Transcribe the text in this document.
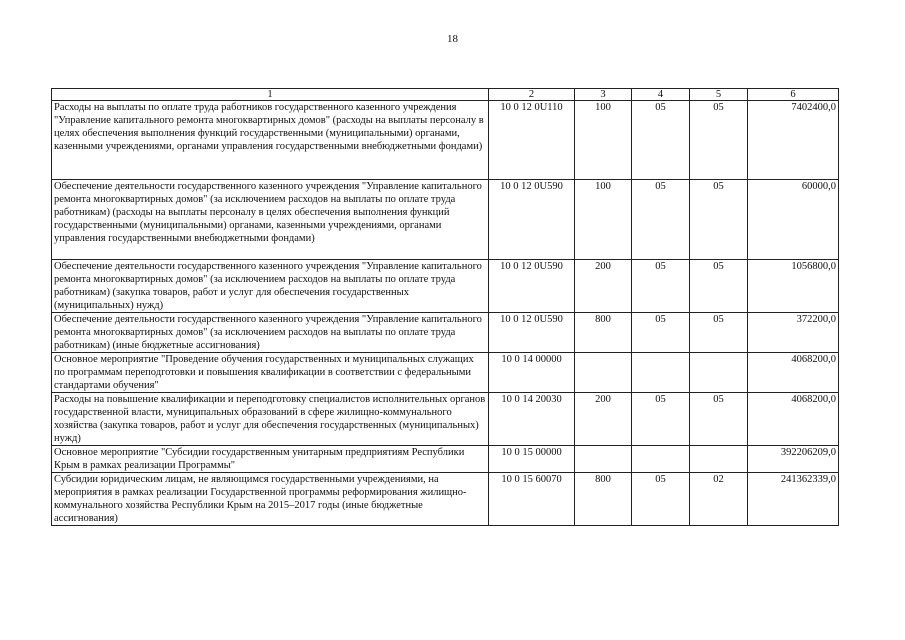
18
1	2	3	4	5	6
Расходы на выплаты по оплате труда работников государственного казенного учреждения "Управление капитального ремонта многоквартирных домов" (расходы на выплаты персоналу в целях обеспечения выполнения функций государственными (муниципальными) органами, казенными учреждениями, органами управления государственными внебюджетными фондами)	10 0 12 0U110	100	05	05	7402400,0
Обеспечение деятельности государственного казенного учреждения "Управление капитального ремонта многоквартирных домов" (за исключением расходов на выплаты по оплате труда работникам) (расходы на выплаты персоналу в целях обеспечения выполнения функций государственными (муниципальными) органами, казенными учреждениями, органами управления государственными внебюджетными фондами)	10 0 12 0U590	100	05	05	60000,0
Обеспечение деятельности государственного казенного учреждения "Управление капитального ремонта многоквартирных домов" (за исключением расходов на выплаты по оплате труда работникам) (закупка товаров, работ и услуг для обеспечения государственных (муниципальных) нужд)	10 0 12 0U590	200	05	05	1056800,0
Обеспечение деятельности государственного казенного учреждения "Управление капитального ремонта многоквартирных домов" (за исключением расходов на выплаты по оплате труда работникам) (иные бюджетные ассигнования)	10 0 12 0U590	800	05	05	372200,0
Основное мероприятие "Проведение обучения государственных и муниципальных служащих по программам переподготовки и повышения квалификации в соответствии с федеральными стандартами обучения"	10 0 14 00000				4068200,0
Расходы на повышение квалификации и переподготовку специалистов исполнительных органов государственной власти, муниципальных образований в сфере жилищно-коммунального хозяйства (закупка товаров, работ и услуг для обеспечения государственных (муниципальных) нужд)	10 0 14 20030	200	05	05	4068200,0
Основное мероприятие "Субсидии государственным унитарным предприятиям Республики Крым в рамках реализации Программы"	10 0 15 00000				392206209,0
Субсидии юридическим лицам, не являющимся государственными учреждениями, на мероприятия в рамках реализации Государственной программы реформирования жилищно-коммунального хозяйства Республики Крым на 2015–2017 годы (иные бюджетные ассигнования)	10 0 15 60070	800	05	02	241362339,0
